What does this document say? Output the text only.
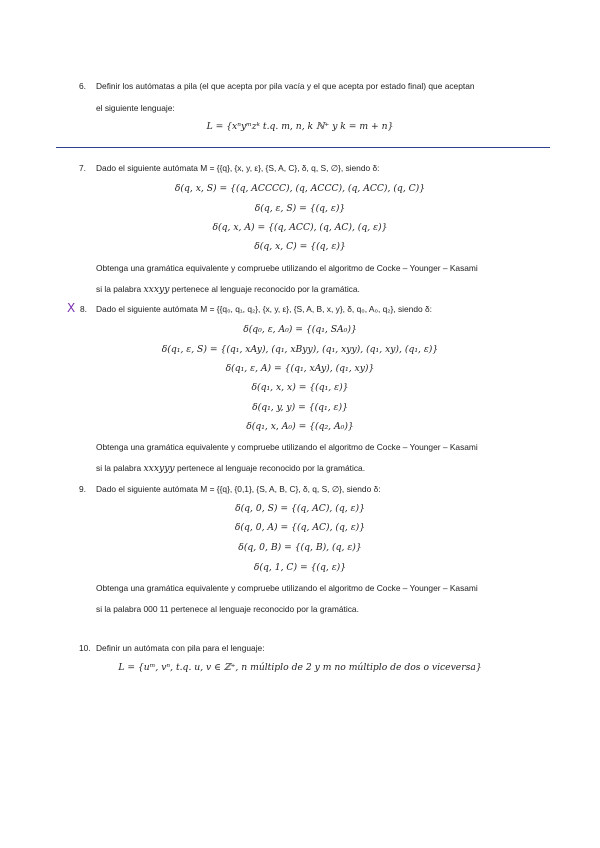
6. Definir los autómatas a pila (el que acepta por pila vacía y el que acepta por estado final) que aceptan
el siguiente lenguaje:
L = {xⁿyᵐzᵏ t.q. m, n, k ℕ⁺ y k = m + n}
7. Dado el siguiente autómata M = {{q}, {x, y, ε}, {S, A, C}, δ, q, S, ∅}, siendo δ:
δ(q, x, S) = {(q, ACCCC), (q, ACCC), (q, ACC), (q, C)}
δ(q, ε, S) = {(q, ε)}
δ(q, x, A) = {(q, ACC), (q, AC), (q, ε)}
δ(q, x, C) = {(q, ε)}
Obtenga una gramática equivalente y compruebe utilizando el algoritmo de Cocke – Younger – Kasami
si la palabra xxxyy pertenece al lenguaje reconocido por la gramática.
X 8. Dado el siguiente autómata M = {{q₀, q₁, q₂}, {x, y, ε}, {S, A, B, x, y}, δ, q₀, A₀, q₂}, siendo δ:
δ(q₀, ε, A₀) = {(q₁, SA₀)}
δ(q₁, ε, S) = {(q₁, xAy), (q₁, xByy), (q₁, xyy), (q₁, xy), (q₁, ε)}
δ(q₁, ε, A) = {(q₁, xAy), (q₁, xy)}
δ(q₁, x, x) = {(q₁, ε)}
δ(q₁, y, y) = {(q₁, ε)}
δ(q₁, x, A₀) = {(q₂, A₀)}
Obtenga una gramática equivalente y compruebe utilizando el algoritmo de Cocke – Younger – Kasami
si la palabra xxxyyy pertenece al lenguaje reconocido por la gramática.
9. Dado el siguiente autómata M = {{q}, {0,1}, {S, A, B, C}, δ, q, S, ∅}, siendo δ:
δ(q, 0, S) = {(q, AC), (q, ε)}
δ(q, 0, A) = {(q, AC), (q, ε)}
δ(q, 0, B) = {(q, B), (q, ε)}
δ(q, 1, C) = {(q, ε)}
Obtenga una gramática equivalente y compruebe utilizando el algoritmo de Cocke – Younger – Kasami
si la palabra 000 11 pertenece al lenguaje reconocido por la gramática.
10. Definir un autómata con pila para el lenguaje:
L = {uᵐ, vⁿ, t.q. u, v ∈ ℤ⁺, n múltiplo de 2 y m no múltiplo de dos o viceversa}
